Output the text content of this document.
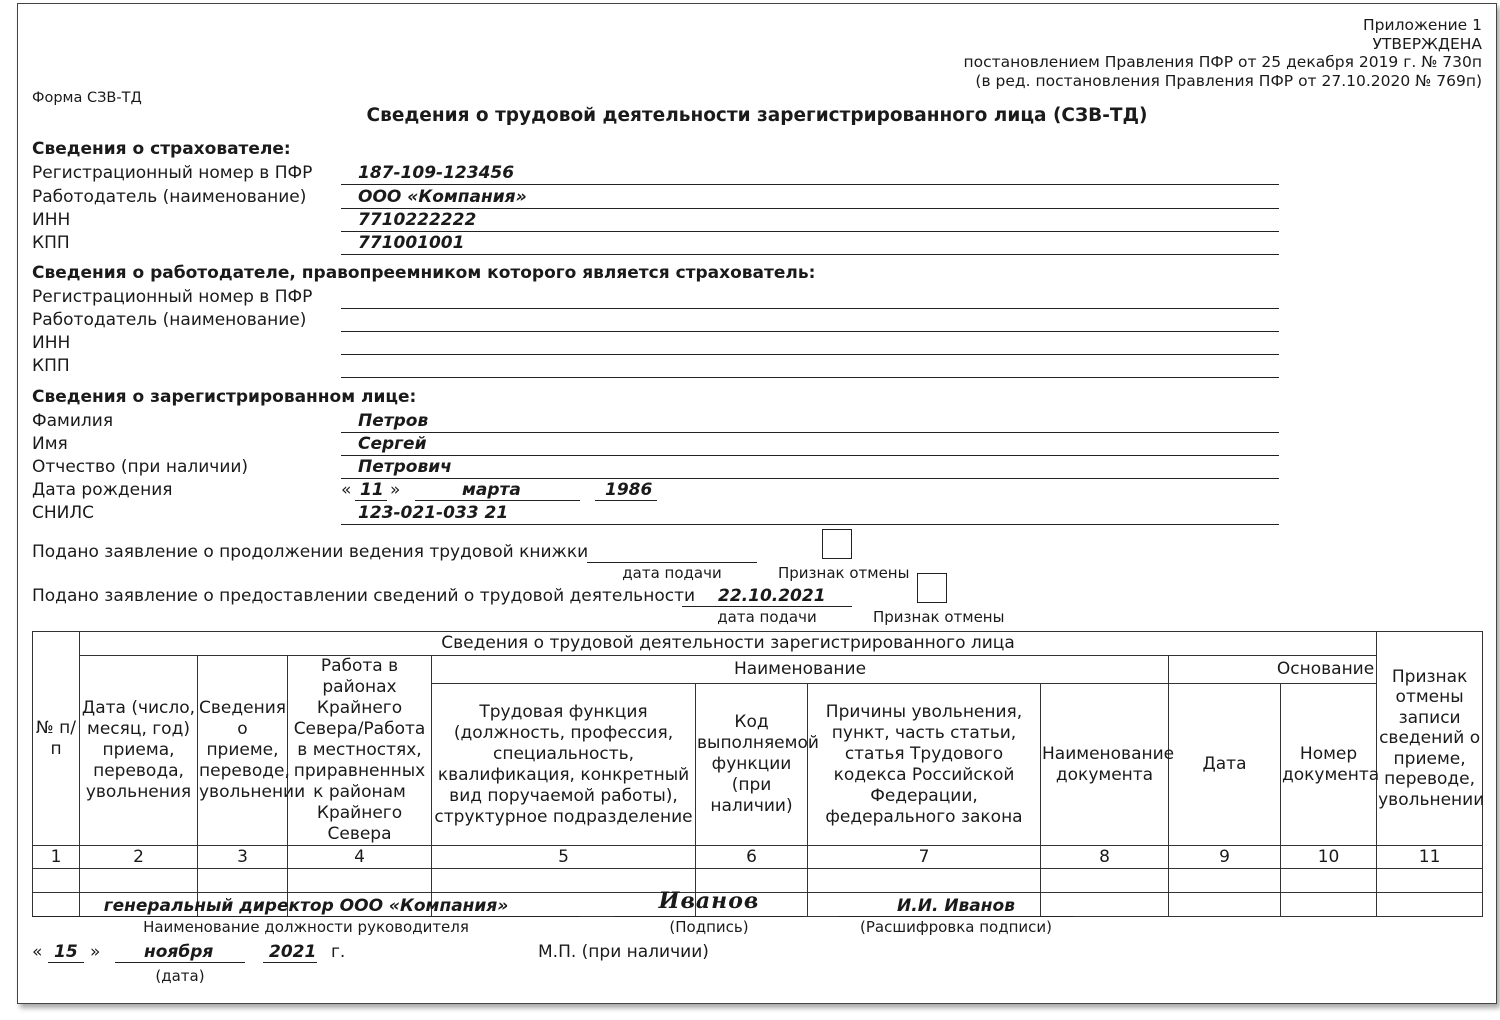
Приложение 1
УТВЕРЖДЕНА
постановлением Правления ПФР от 25 декабря 2019 г. № 730п
(в ред. постановления Правления ПФР от 27.10.2020 № 769п)
Форма СЗВ-ТД
Сведения о трудовой деятельности зарегистрированного лица (СЗВ-ТД)
Сведения о страхователе:
Регистрационный номер в ПФР	187-109-123456
Работодатель (наименование)	ООО «Компания»
ИНН	7710222222
КПП	771001001
Сведения о работодателе, правопреемником которого является страхователь:
Регистрационный номер в ПФР
Работодатель (наименование)
ИНН
КПП
Сведения о зарегистрированном лице:
Фамилия	Петров
Имя	Сергей
Отчество (при наличии)	Петрович
Дата рождения	« 11 »	марта	1986
СНИЛС	123-021-033 21
Подано заявление о продолжении ведения трудовой книжки
дата подачи	Признак отмены
Подано заявление о предоставлении сведений о трудовой деятельности 22.10.2021
дата подачи	Признак отмены
№ п/п	Сведения о трудовой деятельности зарегистрированного лица									Признак отмены записи сведений о приеме, переводе, увольнении
	Дата (число, месяц, год) приема, перевода, увольнения	Сведения о приеме, переводе, увольнении	Работа в районах Крайнего Севера/Работа в местностях, приравненных к районам Крайнего Севера	Наименование				Основание		
				Трудовая функция (должность, профессия, специальность, квалификация, конкретный вид поручаемой работы), структурное подразделение	Код выполняемой функции (при наличии)	Причины увольнения, пункт, часть статьи, статья Трудового кодекса Российской Федерации, федерального закона	Наименование документа	Дата	Номер документа	
1	2	3	4	5	6	7	8	9	10	11

генеральный директор ООО «Компания»
Наименование должности руководителя
Иванов
(Подпись)
И.И. Иванов
(Расшифровка подписи)
« 15 »	ноября	2021 г.
(дата)
М.П. (при наличии)
